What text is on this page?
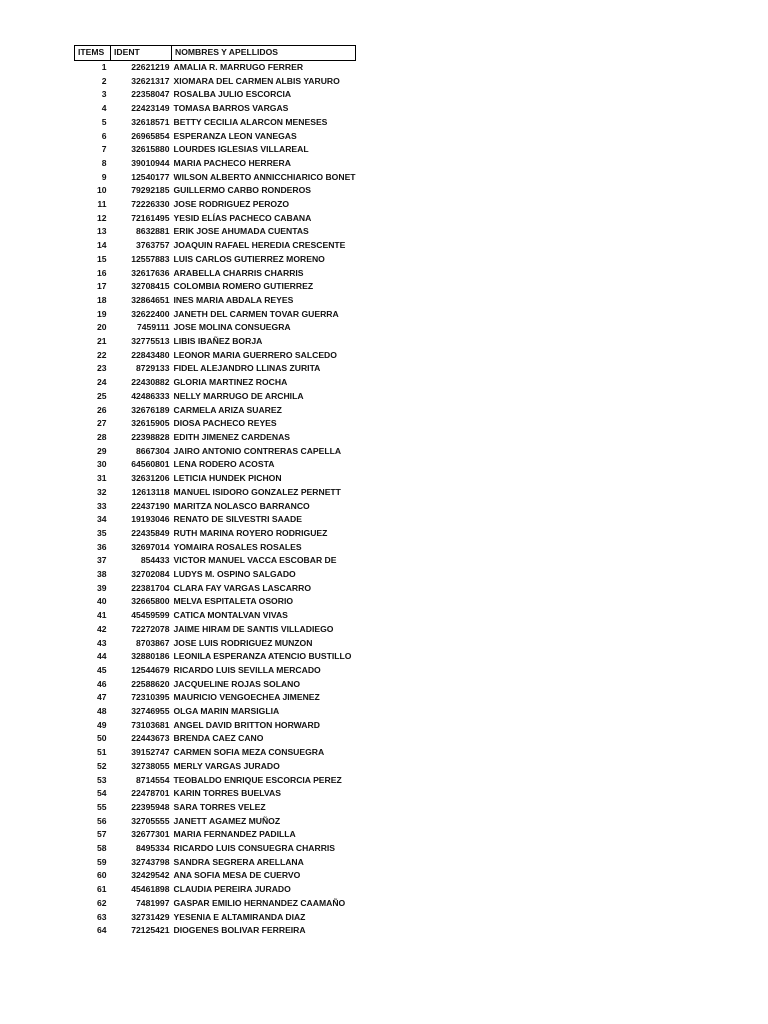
ITEMS	IDENT	NOMBRES Y APELLIDOS
1	22621219	AMALIA R. MARRUGO FERRER
2	32621317	XIOMARA DEL CARMEN ALBIS YARURO
3	22358047	ROSALBA JULIO ESCORCIA
4	22423149	TOMASA BARROS VARGAS
5	32618571	BETTY CECILIA ALARCON MENESES
6	26965854	ESPERANZA LEON VANEGAS
7	32615880	LOURDES IGLESIAS VILLAREAL
8	39010944	MARIA PACHECO HERRERA
9	12540177	WILSON ALBERTO ANNICCHIARICO BONET
10	79292185	GUILLERMO CARBO RONDEROS
11	72226330	JOSE RODRIGUEZ PEROZO
12	72161495	YESID ELÍAS PACHECO CABANA
13	8632881	ERIK JOSE AHUMADA CUENTAS
14	3763757	JOAQUIN RAFAEL HEREDIA CRESCENTE
15	12557883	LUIS CARLOS GUTIERREZ MORENO
16	32617636	ARABELLA CHARRIS CHARRIS
17	32708415	COLOMBIA ROMERO GUTIERREZ
18	32864651	INES MARIA ABDALA REYES
19	32622400	JANETH DEL CARMEN TOVAR GUERRA
20	7459111	JOSE MOLINA CONSUEGRA
21	32775513	LIBIS IBAÑEZ BORJA
22	22843480	LEONOR MARIA GUERRERO SALCEDO
23	8729133	FIDEL ALEJANDRO LLINAS ZURITA
24	22430882	GLORIA MARTINEZ ROCHA
25	42486333	NELLY MARRUGO DE ARCHILA
26	32676189	CARMELA ARIZA SUAREZ
27	32615905	DIOSA PACHECO REYES
28	22398828	EDITH JIMENEZ CARDENAS
29	8667304	JAIRO ANTONIO CONTRERAS CAPELLA
30	64560801	LENA RODERO ACOSTA
31	32631206	LETICIA HUNDEK PICHON
32	12613118	MANUEL ISIDORO GONZALEZ PERNETT
33	22437190	MARITZA NOLASCO BARRANCO
34	19193046	RENATO DE SILVESTRI SAADE
35	22435849	RUTH MARINA ROYERO RODRIGUEZ
36	32697014	YOMAIRA ROSALES ROSALES
37	854433	VICTOR MANUEL VACCA ESCOBAR DE
38	32702084	LUDYS M. OSPINO SALGADO
39	22381704	CLARA FAY VARGAS LASCARRO
40	32665800	MELVA ESPITALETA OSORIO
41	45459599	CATICA MONTALVAN VIVAS
42	72272078	JAIME HIRAM DE SANTIS VILLADIEGO
43	8703867	JOSE LUIS RODRIGUEZ MUNZON
44	32880186	LEONILA ESPERANZA ATENCIO BUSTILLO
45	12544679	RICARDO LUIS SEVILLA MERCADO
46	22588620	JACQUELINE ROJAS SOLANO
47	72310395	MAURICIO VENGOECHEA JIMENEZ
48	32746955	OLGA MARIN MARSIGLIA
49	73103681	ANGEL DAVID BRITTON HORWARD
50	22443673	BRENDA CAEZ CANO
51	39152747	CARMEN SOFIA MEZA CONSUEGRA
52	32738055	MERLY VARGAS JURADO
53	8714554	TEOBALDO ENRIQUE ESCORCIA PEREZ
54	22478701	KARIN TORRES BUELVAS
55	22395948	SARA TORRES VELEZ
56	32705555	JANETT AGAMEZ MUÑOZ
57	32677301	MARIA FERNANDEZ PADILLA
58	8495334	RICARDO LUIS CONSUEGRA CHARRIS
59	32743798	SANDRA SEGRERA ARELLANA
60	32429542	ANA SOFIA MESA DE CUERVO
61	45461898	CLAUDIA PEREIRA JURADO
62	7481997	GASPAR EMILIO HERNANDEZ CAAMAÑO
63	32731429	YESENIA E ALTAMIRANDA DIAZ
64	72125421	DIOGENES BOLIVAR FERREIRA
